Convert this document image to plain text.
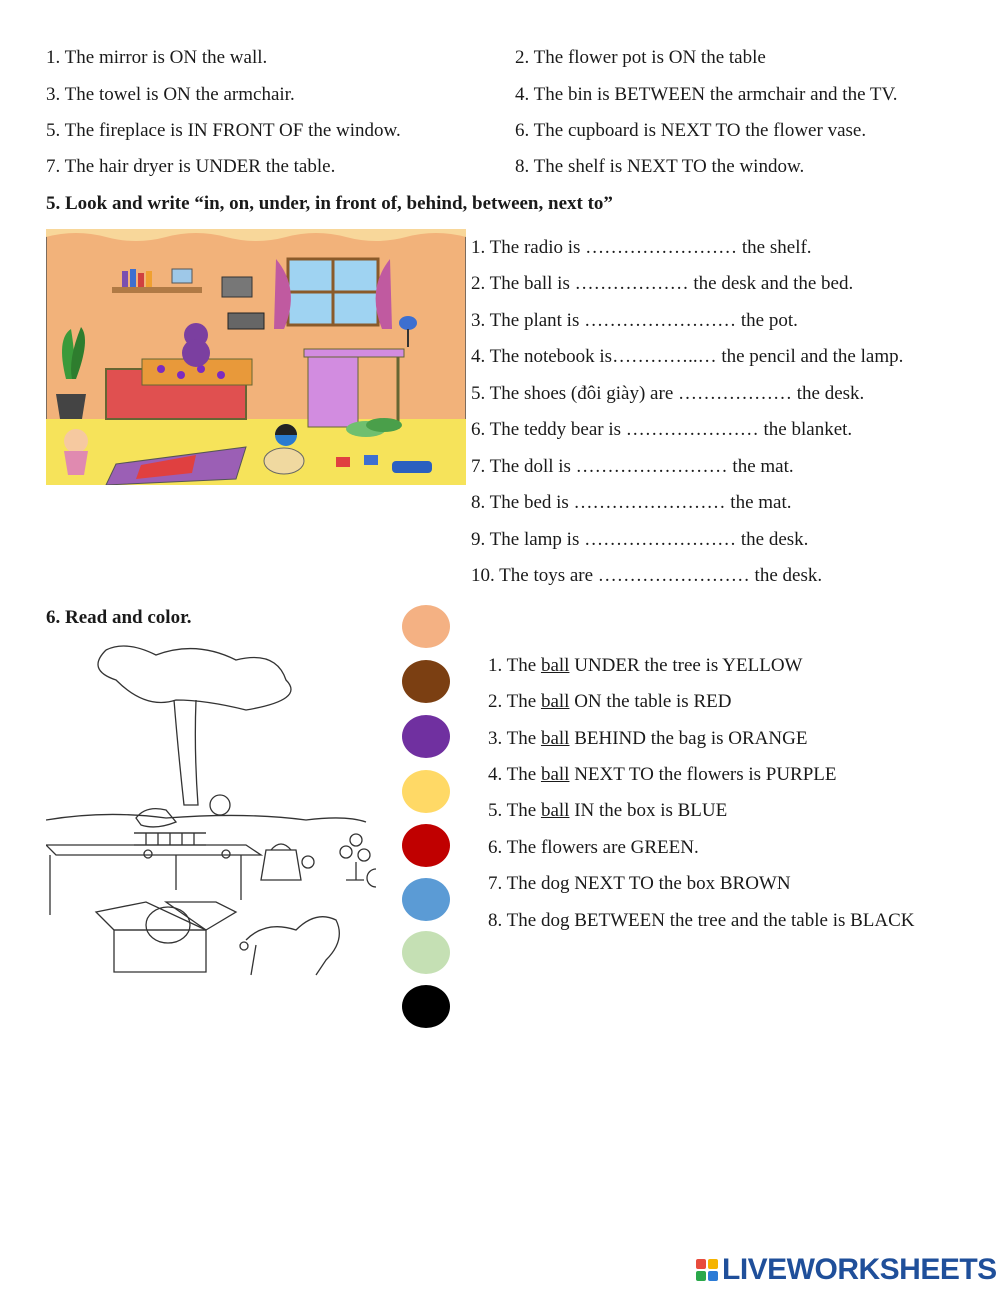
1. The mirror is ON the wall.	2. The flower pot is ON the table
3. The towel is ON the armchair.	4. The bin is BETWEEN the armchair and the TV.
5. The fireplace is IN FRONT OF the window.	6. The cupboard is NEXT TO the flower vase.
7. The hair dryer is UNDER the table.	8. The shelf is NEXT TO the window.
5. Look and write “in, on, under, in front of, behind, between, next to”
1. The radio is …………………… the shelf.
2. The ball is ……………… the desk and the bed.
3. The plant is …………………… the pot.
4. The notebook is…………..… the pencil and the lamp.
5. The shoes (đôi giày) are ……………… the desk.
6. The teddy bear is ………………… the blanket.
7. The doll is …………………… the mat.
8. The bed is …………………… the mat.
9. The lamp is …………………… the desk.
10. The toys are …………………… the desk.
6. Read and color.
1. The ball UNDER the tree is YELLOW
2. The ball ON the table is RED
3. The ball BEHIND the bag is ORANGE
4. The ball NEXT TO the flowers is PURPLE
5. The ball IN the box is BLUE
6. The flowers are GREEN.
7. The dog NEXT TO the box BROWN
8. The dog BETWEEN the tree and the table is BLACK
LIVEWORKSHEETS
